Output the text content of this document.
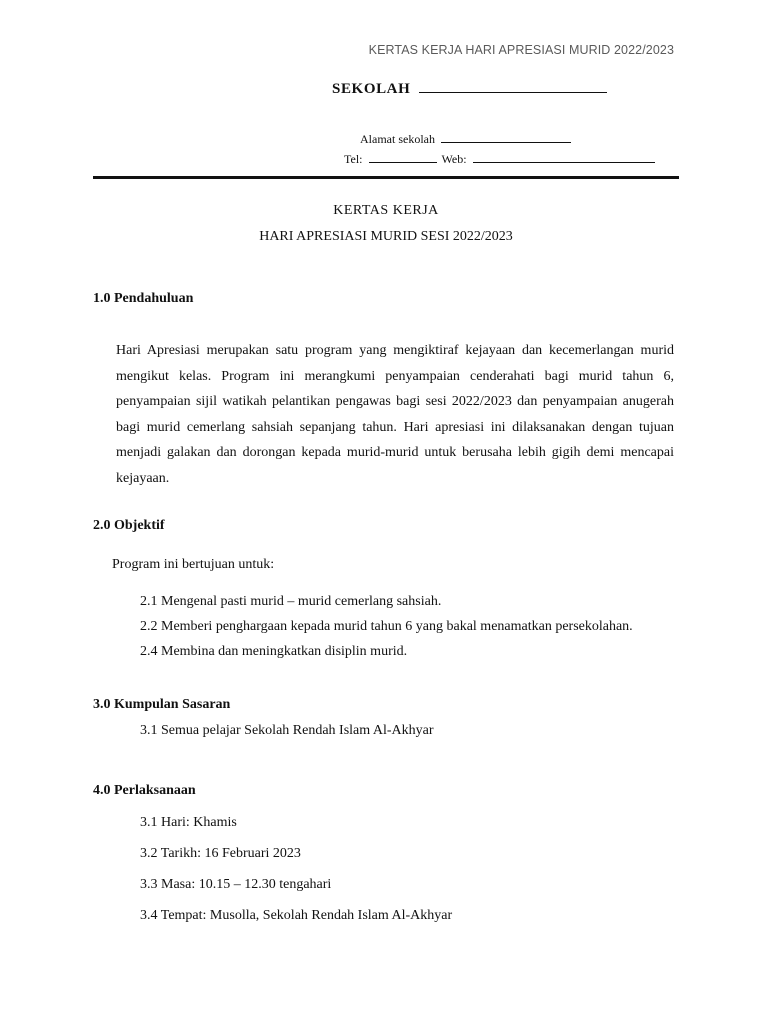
KERTAS KERJA HARI APRESIASI MURID 2022/2023
SEKOLAH
Alamat sekolah
Tel:	Web:
KERTAS KERJA
HARI APRESIASI MURID SESI 2022/2023
1.0 Pendahuluan
Hari Apresiasi merupakan satu program yang mengiktiraf kejayaan dan kecemerlangan murid mengikut kelas. Program ini merangkumi penyampaian cenderahati bagi murid tahun 6, penyampaian sijil watikah pelantikan pengawas bagi sesi 2022/2023 dan penyampaian anugerah bagi murid cemerlang sahsiah sepanjang tahun. Hari apresiasi ini dilaksanakan dengan tujuan menjadi galakan dan dorongan kepada murid-murid untuk berusaha lebih gigih demi mencapai kejayaan.
2.0 Objektif
Program ini bertujuan untuk:
2.1 Mengenal pasti murid – murid cemerlang sahsiah.
2.2 Memberi penghargaan kepada murid tahun 6 yang bakal menamatkan persekolahan.
2.4 Membina dan meningkatkan disiplin murid.
3.0 Kumpulan Sasaran
3.1 Semua pelajar Sekolah Rendah Islam Al-Akhyar
4.0 Perlaksanaan
3.1 Hari: Khamis
3.2 Tarikh: 16 Februari 2023
3.3 Masa: 10.15 – 12.30 tengahari
3.4 Tempat: Musolla, Sekolah Rendah Islam Al-Akhyar
